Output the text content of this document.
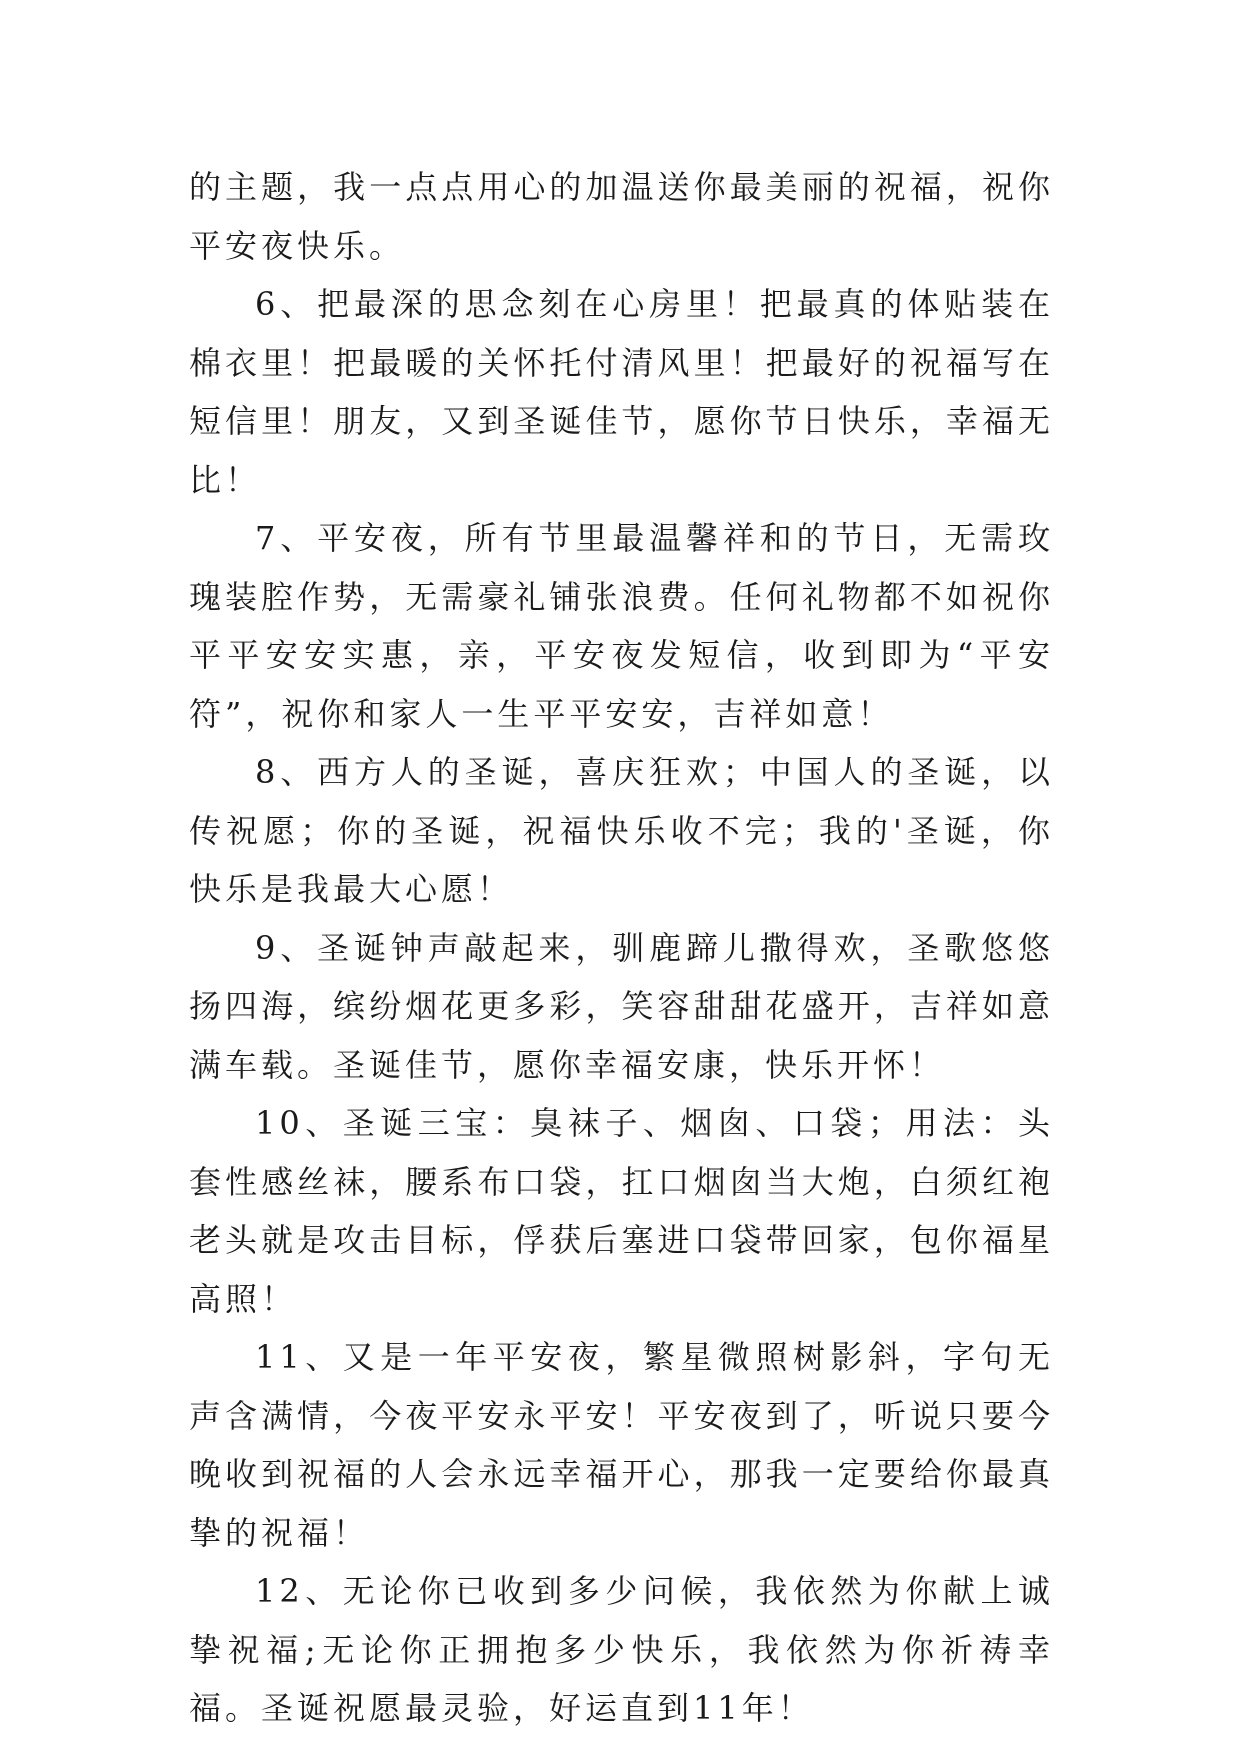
的主题，我一点点用心的加温送你最美丽的祝福，祝你平安夜快乐。

6、把最深的思念刻在心房里！把最真的体贴装在棉衣里！把最暖的关怀托付清风里！把最好的祝福写在短信里！朋友，又到圣诞佳节，愿你节日快乐，幸福无比！

7、平安夜，所有节里最温馨祥和的节日，无需玫瑰装腔作势，无需豪礼铺张浪费。任何礼物都不如祝你平平安安实惠，亲，平安夜发短信，收到即为“平安符”，祝你和家人一生平平安安，吉祥如意！

8、西方人的圣诞，喜庆狂欢；中国人的圣诞，以传祝愿；你的圣诞，祝福快乐收不完；我的'圣诞，你快乐是我最大心愿！

9、圣诞钟声敲起来，驯鹿蹄儿撒得欢，圣歌悠悠扬四海，缤纷烟花更多彩，笑容甜甜花盛开，吉祥如意满车载。圣诞佳节，愿你幸福安康，快乐开怀！

10、圣诞三宝：臭袜子、烟囱、口袋；用法：头套性感丝袜，腰系布口袋，扛口烟囱当大炮，白须红袍老头就是攻击目标，俘获后塞进口袋带回家，包你福星高照！

11、又是一年平安夜，繁星微照树影斜，字句无声含满情，今夜平安永平安！平安夜到了，听说只要今晚收到祝福的人会永远幸福开心，那我一定要给你最真挚的祝福！

12、无论你已收到多少问候，我依然为你献上诚挚祝福;无论你正拥抱多少快乐，我依然为你祈祷幸福。圣诞祝愿最灵验，好运直到11年！
